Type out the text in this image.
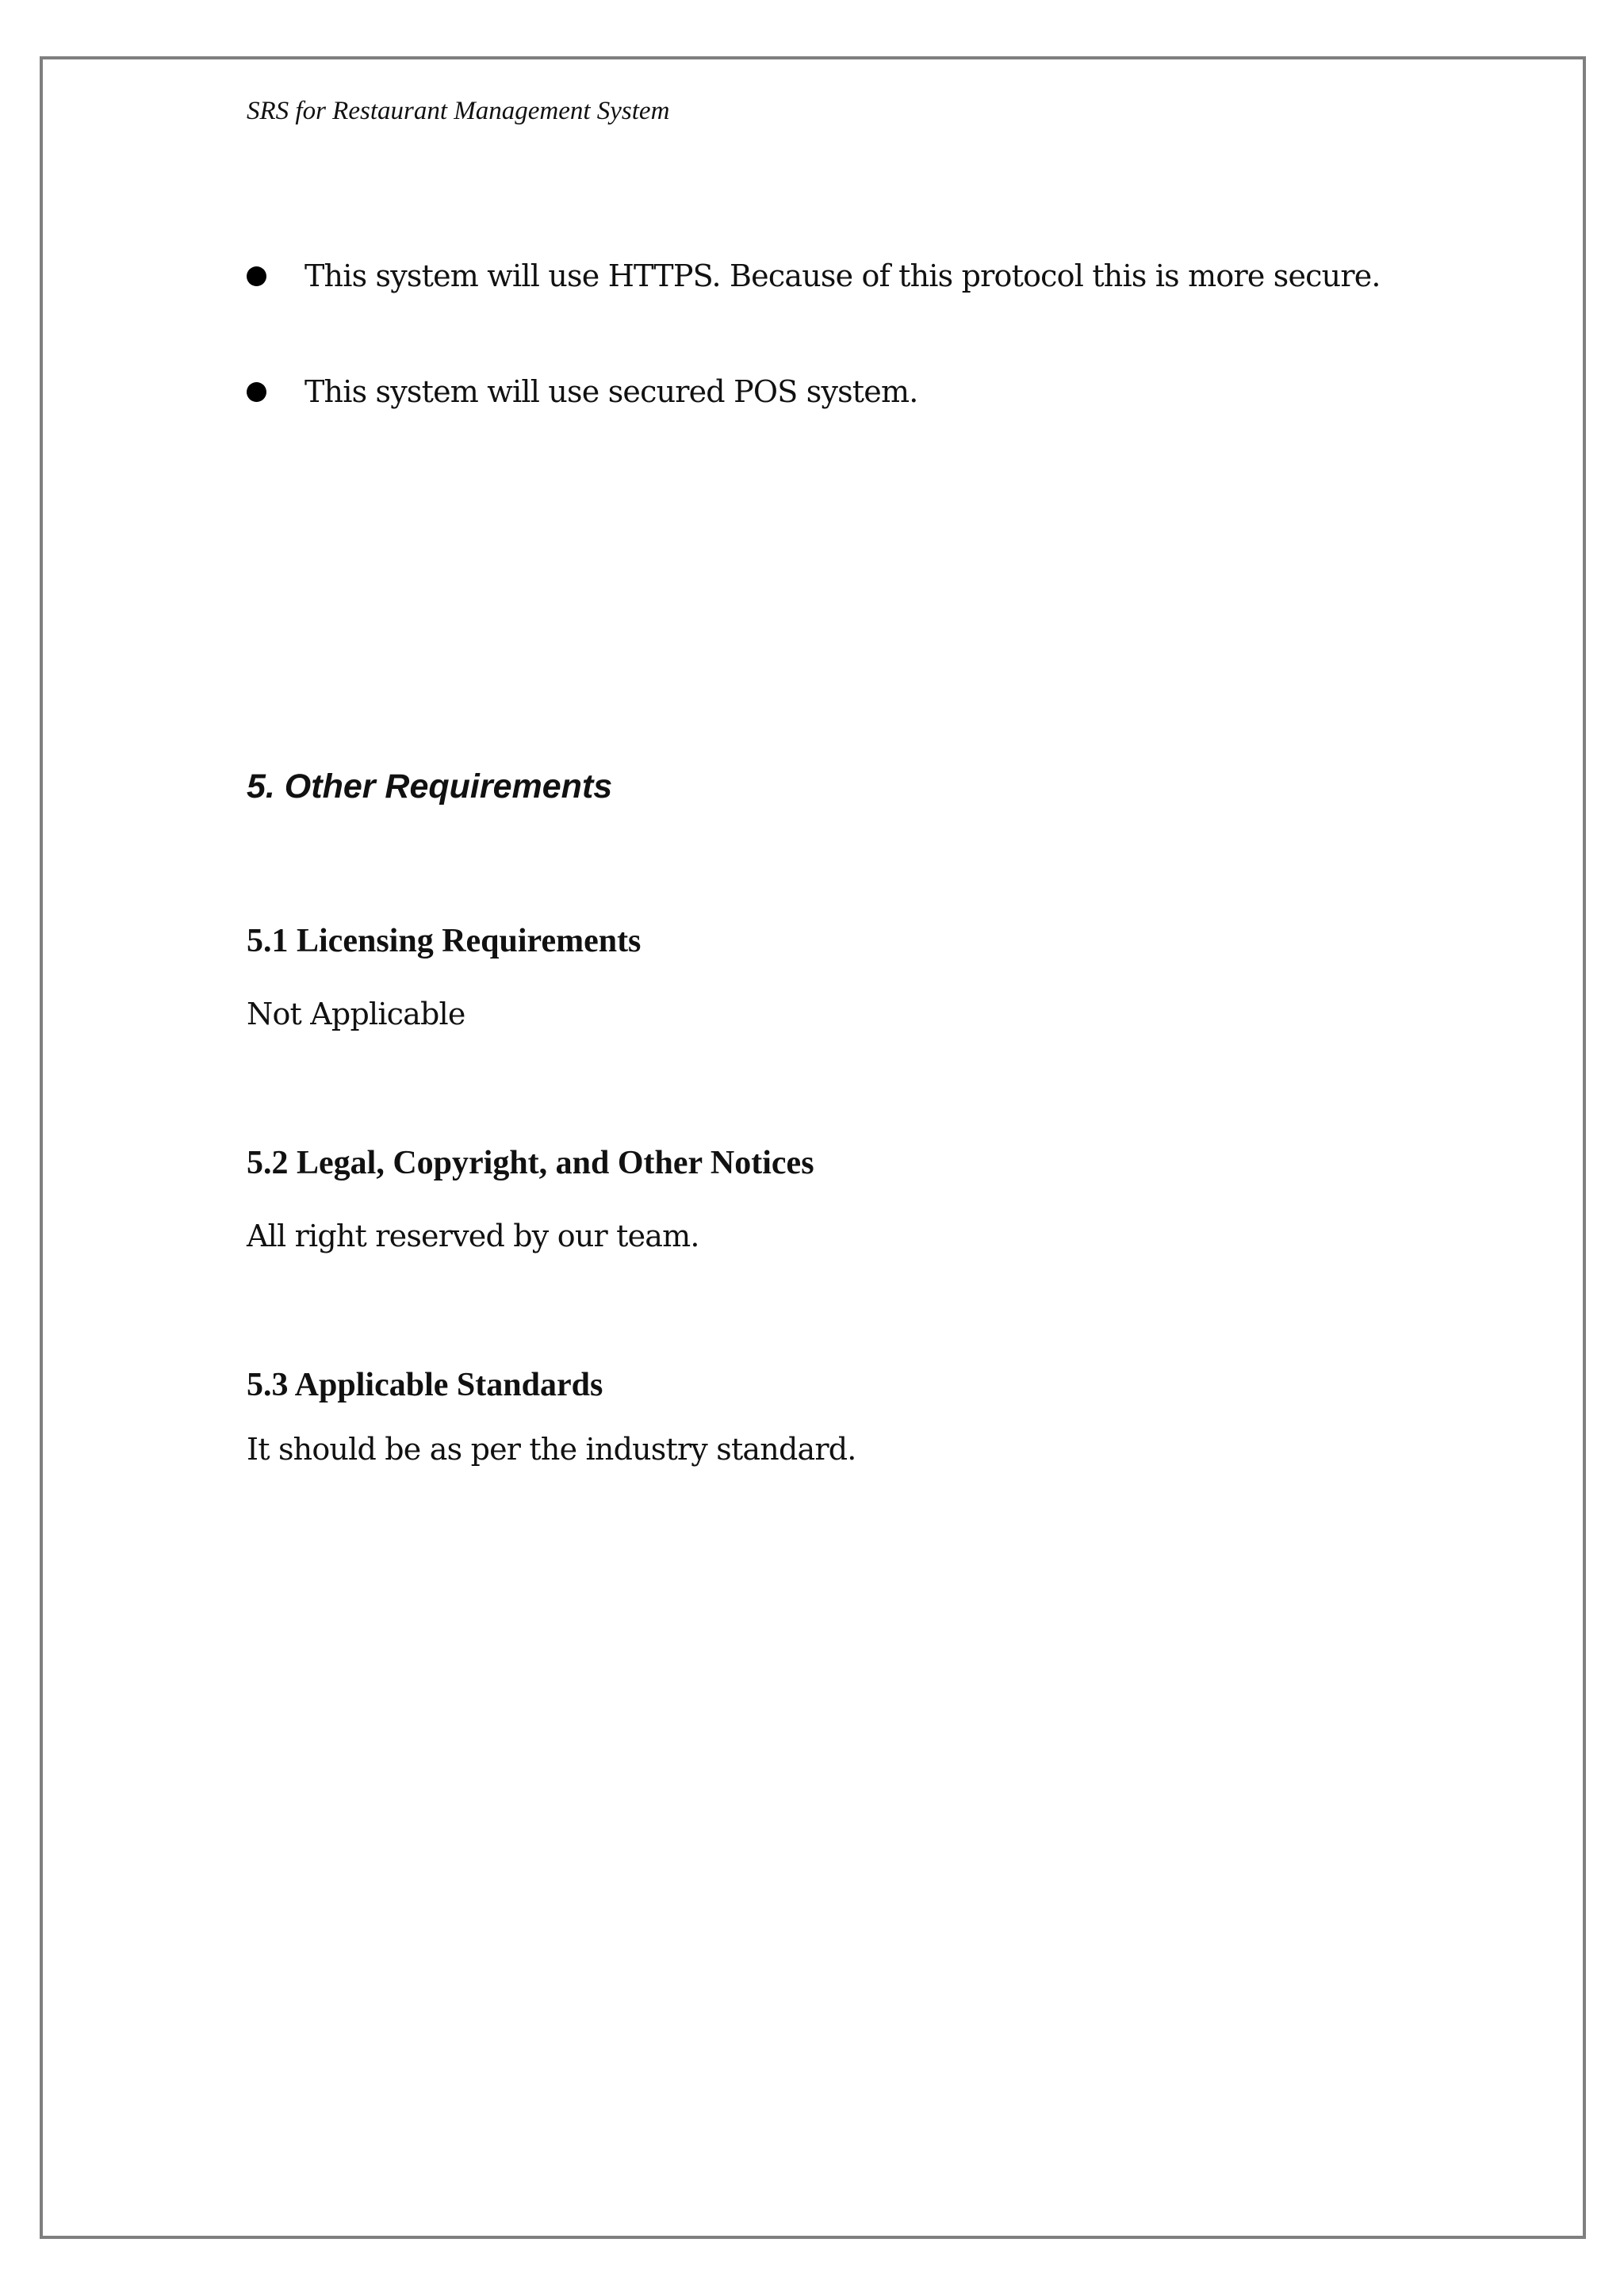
SRS for Restaurant Management System
This system will use HTTPS. Because of this protocol this is more secure.
This system will use secured POS system.
5. Other Requirements
5.1 Licensing Requirements
Not Applicable
5.2 Legal, Copyright, and Other Notices
All right reserved by our team.
5.3 Applicable Standards
It should be as per the industry standard.
